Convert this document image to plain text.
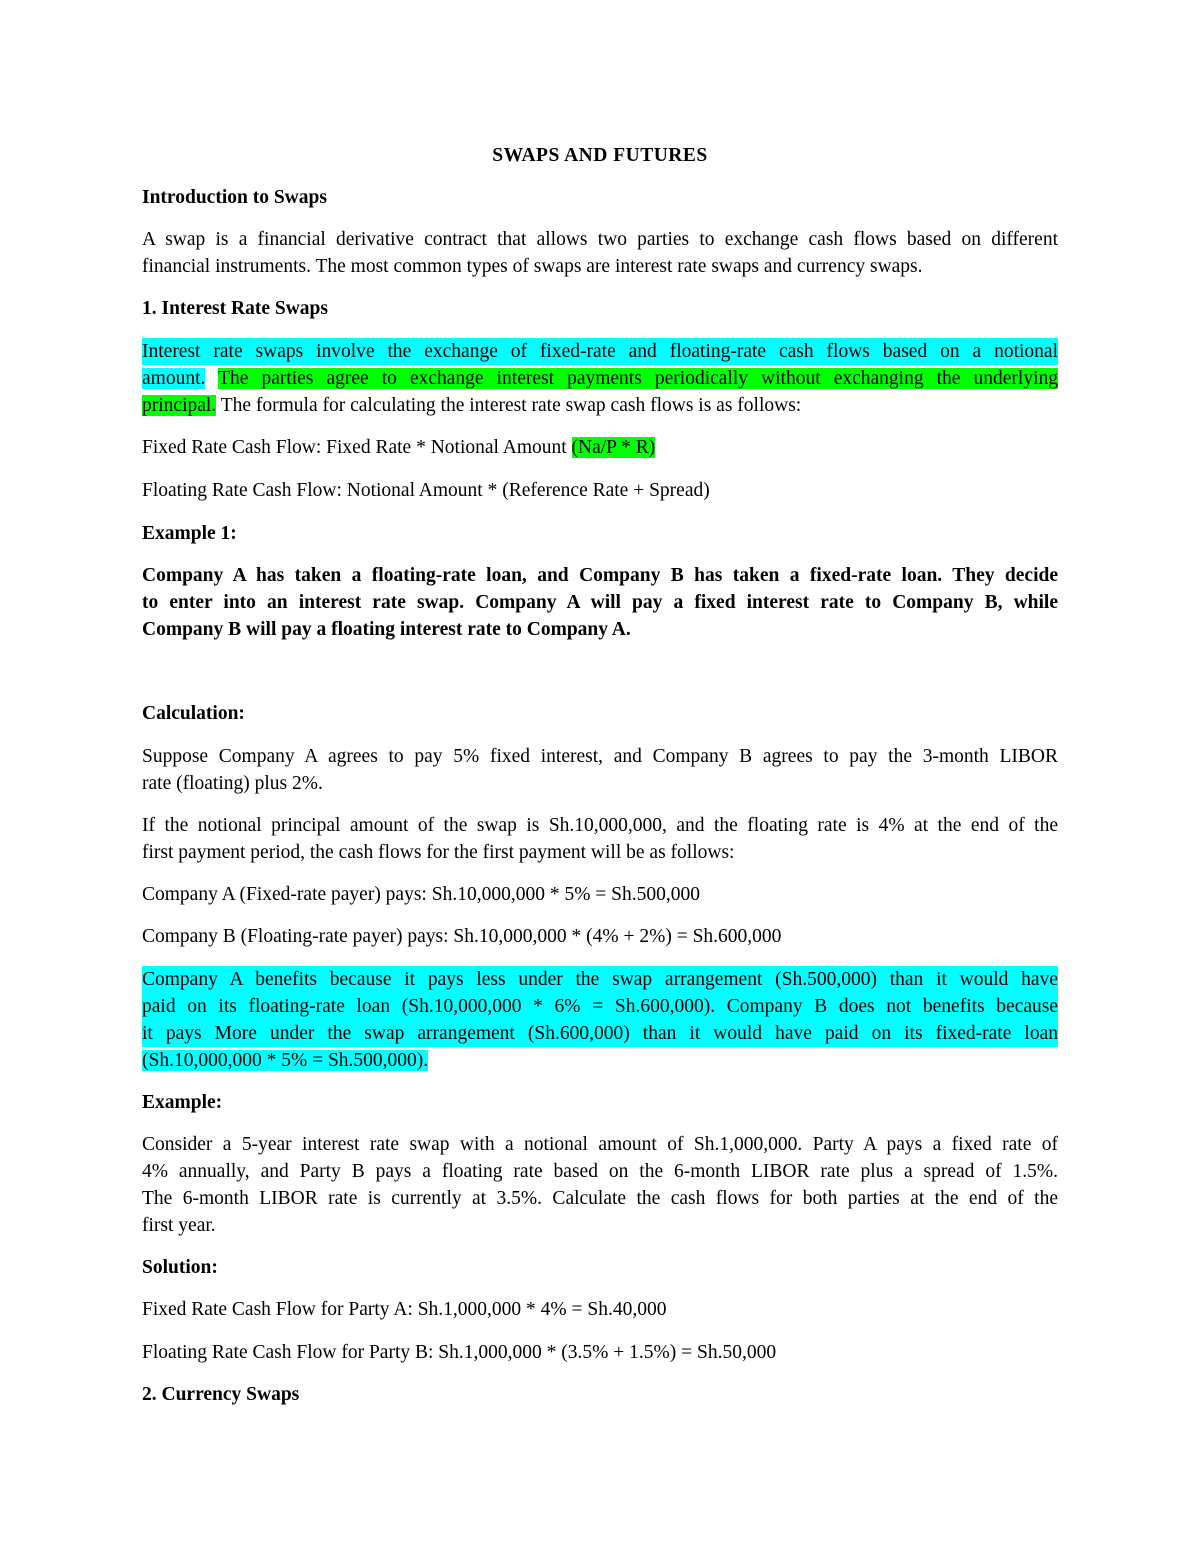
SWAPS AND FUTURES

Introduction to Swaps

A swap is a financial derivative contract that allows two parties to exchange cash flows based on different

financial instruments. The most common types of swaps are interest rate swaps and currency swaps.

1. Interest Rate Swaps

Interest rate swaps involve the exchange of fixed-rate and floating-rate cash flows based on a notional

amount. The parties agree to exchange interest payments periodically without exchanging the underlying

principal. The formula for calculating the interest rate swap cash flows is as follows:

Fixed Rate Cash Flow: Fixed Rate * Notional Amount (Na/P * R)

Floating Rate Cash Flow: Notional Amount * (Reference Rate + Spread)

Example 1:

Company A has taken a floating-rate loan, and Company B has taken a fixed-rate loan. They decide

to enter into an interest rate swap. Company A will pay a fixed interest rate to Company B, while

Company B will pay a floating interest rate to Company A.

Calculation:

Suppose Company A agrees to pay 5% fixed interest, and Company B agrees to pay the 3-month LIBOR

rate (floating) plus 2%.

If the notional principal amount of the swap is Sh.10,000,000, and the floating rate is 4% at the end of the

first payment period, the cash flows for the first payment will be as follows:

Company A (Fixed-rate payer) pays: Sh.10,000,000 * 5% = Sh.500,000

Company B (Floating-rate payer) pays: Sh.10,000,000 * (4% + 2%) = Sh.600,000

Company A benefits because it pays less under the swap arrangement (Sh.500,000) than it would have

paid on its floating-rate loan (Sh.10,000,000 * 6% = Sh.600,000). Company B does not benefits because

it pays More under the swap arrangement (Sh.600,000) than it would have paid on its fixed-rate loan

(Sh.10,000,000 * 5% = Sh.500,000).

Example:

Consider a 5-year interest rate swap with a notional amount of Sh.1,000,000. Party A pays a fixed rate of

4% annually, and Party B pays a floating rate based on the 6-month LIBOR rate plus a spread of 1.5%.

The 6-month LIBOR rate is currently at 3.5%. Calculate the cash flows for both parties at the end of the

first year.

Solution:

Fixed Rate Cash Flow for Party A: Sh.1,000,000 * 4% = Sh.40,000

Floating Rate Cash Flow for Party B: Sh.1,000,000 * (3.5% + 1.5%) = Sh.50,000

2. Currency Swaps
